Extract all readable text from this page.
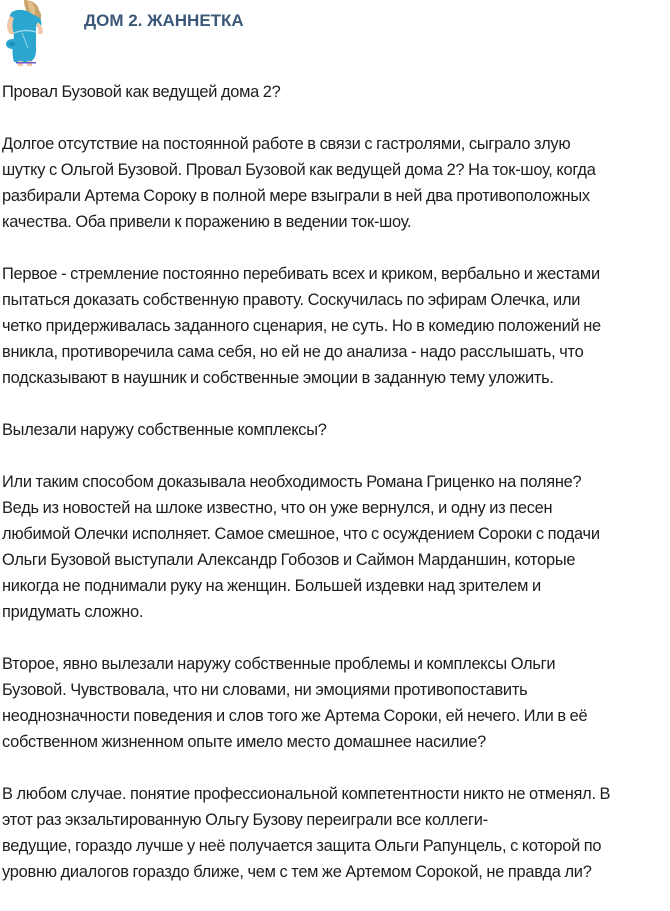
ДОМ 2. ЖАННЕТКА

Провал Бузовой как ведущей дома 2?

Долгое отсутствие на постоянной работе в связи с гастролями, сыграло злую
шутку с Ольгой Бузовой. Провал Бузовой как ведущей дома 2? На ток-шоу, когда
разбирали Артема Сороку в полной мере взыграли в ней два противоположных
качества. Оба привели к поражению в ведении ток-шоу.

Первое - стремление постоянно перебивать всех и криком, вербально и жестами
пытаться доказать собственную правоту. Соскучилась по эфирам Олечка, или
четко придерживалась заданного сценария, не суть. Но в комедию положений не
вникла, противоречила сама себя, но ей не до анализа - надо расслышать, что
подсказывают в наушник и собственные эмоции в заданную тему уложить.

Вылезали наружу собственные комплексы?

Или таким способом доказывала необходимость Романа Гриценко на поляне?
Ведь из новостей на шлоке известно, что он уже вернулся, и одну из песен
любимой Олечки исполняет. Самое смешное, что с осуждением Сороки с подачи
Ольги Бузовой выступали Александр Гобозов и Саймон Марданшин, которые
никогда не поднимали руку на женщин. Большей издевки над зрителем и
придумать сложно.

Второе, явно вылезали наружу собственные проблемы и комплексы Ольги
Бузовой. Чувствовала, что ни словами, ни эмоциями противопоставить
неоднозначности поведения и слов того же Артема Сороки, ей нечего. Или в её
собственном жизненном опыте имело место домашнее насилие?

В любом случае. понятие профессиональной компетентности никто не отменял. В
этот раз экзальтированную Ольгу Бузову переиграли все коллеги-
ведущие, гораздо лучше у неё получается защита Ольги Рапунцель, с которой по
уровню диалогов гораздо ближе, чем с тем же Артемом Сорокой, не правда ли?
